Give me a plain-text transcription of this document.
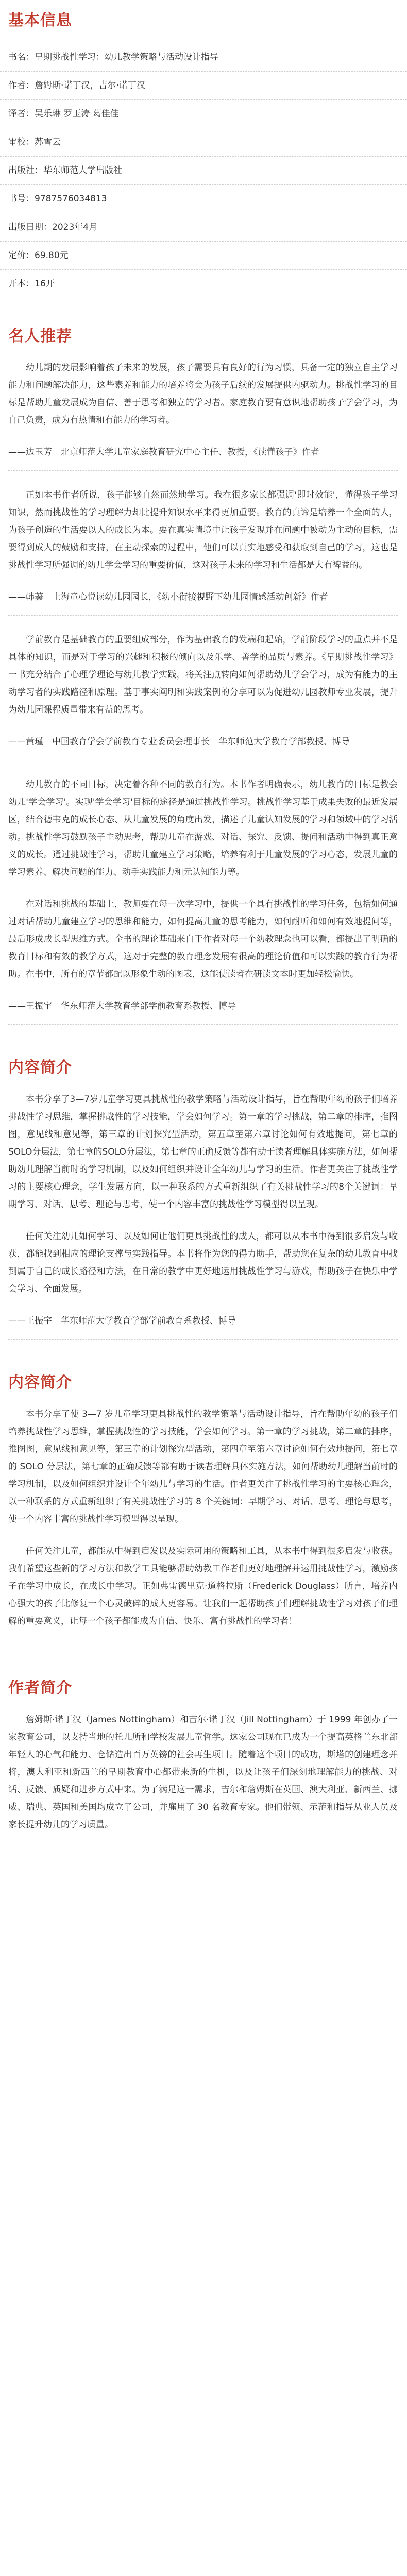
基本信息
书名：早期挑战性学习：幼儿教学策略与活动设计指导
作者：詹姆斯·诺丁汉，吉尔·诺丁汉
译者：吴乐琳 罗玉涛 葛佳佳
审校：苏雪云
出版社：华东师范大学出版社
书号：9787576034813
出版日期：2023年4月
定价：69.80元
开本：16开
名人推荐

幼儿期的发展影响着孩子未来的发展，孩子需要具有良好的行为习惯，具备一定的独立自主学习能力和问题解决能力，这些素养和能力的培养将会为孩子后续的发展提供内驱动力。挑战性学习的目标是帮助儿童发展成为自信、善于思考和独立的学习者。家庭教育要有意识地帮助孩子学会学习，为自己负责，成为有热情和有能力的学习者。

——边玉芳　北京师范大学儿童家庭教育研究中心主任、教授，《读懂孩子》作者

正如本书作者所说，孩子能够自然而然地学习。我在很多家长都强调'即时效能'，懂得孩子学习知识，然而挑战性的学习理解力却比提升知识水平来得更加重要。教育的真谛是培养一个全面的人，为孩子创造的生活要以人的成长为本。要在真实情境中让孩子发现并在问题中被动为主动的目标，需要得到成人的鼓励和支持，在主动探索的过程中，他们可以真实地感受和获取到自己的学习，这也是挑战性学习所强调的幼儿学会学习的重要价值，这对孩子未来的学习和生活都是大有裨益的。

——韩蓁　上海童心悦读幼儿园园长，《幼小衔接视野下幼儿园情感活动创新》作者

学前教育是基础教育的重要组成部分，作为基础教育的发端和起始，学前阶段学习的重点并不是具体的知识，而是对于学习的兴趣和积极的倾向以及乐学、善学的品质与素养。《早期挑战性学习》一书充分结合了心理学理论与幼儿教学实践，将关注点转向如何帮助幼儿学会学习，成为有能力的主动学习者的实践路径和原理。基于事实阐明和实践案例的分享可以为促进幼儿园教师专业发展，提升为幼儿园课程质量带来有益的思考。

——黄瑾　中国教育学会学前教育专业委员会理事长　华东师范大学教育学部教授、博导

幼儿教育的不同目标，决定着各种不同的教育行为。本书作者明确表示，幼儿教育的目标是教会幼儿'学会学习'。实现'学会学习'目标的途径是通过挑战性学习。挑战性学习基于成果失败的最近发展区，结合德韦克的成长心态、从儿童发展的角度出发，描述了儿童认知发展的学习和领域中的学习活动。挑战性学习鼓励孩子主动思考，帮助儿童在游戏、对话、探究、反馈、提问和活动中得到真正意义的成长。通过挑战性学习，帮助儿童建立学习策略，培养有利于儿童发展的学习心态，发展儿童的学习素养、解决问题的能力、动手实践能力和元认知能力等。

在对话和挑战的基础上，教师要在每一次学习中，提供一个具有挑战性的学习任务，包括如何通过对话帮助儿童建立学习的思维和能力，如何提高儿童的思考能力，如何耐听和如何有效地提问等，最后形成成长型思维方式。全书的理论基础来自于作者对每一个幼教理念也可以看，都提出了明确的教育目标和有效的教学方式，这对于完整的教育理念发展有很高的理论价值和可以实践的教育行为帮助。在书中，所有的章节都配以形象生动的图表，这能使读者在研读文本时更加轻松愉快。

——王振宇　华东师范大学教育学部学前教育系教授、博导

内容简介

本书分享了3—7岁儿童学习更具挑战性的教学策略与活动设计指导，旨在帮助年幼的孩子们培养挑战性学习思维，掌握挑战性的学习技能，学会如何学习。第一章的学习挑战，第二章的排序，推图图，意见线和意见等，第三章的计划探究型活动，第五章至第六章讨论如何有效地提问，第七章的SOLO分层法，第七章的SOLO分层法，第七章的正确反馈等都有助于读者理解具体实施方法，如何帮助幼儿理解当前时的学习机制，以及如何组织并设计全年幼儿与学习的生活。作者更关注了挑战性学习的主要核心理念，学生发展方向，以一种联系的方式重新组织了有关挑战性学习的8个关键词：早期学习、对话、思考、理论与思考，使一个内容丰富的挑战性学习模型得以呈现。

任何关注幼儿如何学习、以及如何让他们更具挑战性的成人，都可以从本书中得到很多启发与收获，都能找到相应的理论支撑与实践指导。本书将作为您的得力助手，帮助您在复杂的幼儿教育中找到属于自己的成长路径和方法，在日常的教学中更好地运用挑战性学习与游戏，帮助孩子在快乐中学会学习、全面发展。

——王振宇　华东师范大学教育学部学前教育系教授、博导

内容简介

本书分享了使 3—7 岁儿童学习更具挑战性的教学策略与活动设计指导，旨在帮助年幼的孩子们培养挑战性学习思维，掌握挑战性的学习技能，学会如何学习。第一章的学习挑战，第二章的排序，推图图，意见线和意见等，第三章的计划探究型活动，第四章至第六章讨论如何有效地提问，第七章的 SOLO 分层法，第七章的正确反馈等都有助于读者理解具体实施方法，如何帮助幼儿理解当前时的学习机制，以及如何组织并设计全年幼儿与学习的生活。作者更关注了挑战性学习的主要核心理念，以一种联系的方式重新组织了有关挑战性学习的 8 个关键词：早期学习、对话、思考、理论与思考，使一个内容丰富的挑战性学习模型得以呈现。

任何关注儿童，都能从中得到启发以及实际可用的策略和工具，从本书中得到很多启发与收获。我们希望这些新的学习方法和教学工具能够帮助幼教工作者们更好地理解并运用挑战性学习，激励孩子在学习中成长，在成长中学习。正如弗雷德里克·道格拉斯（Frederick Douglass）所言，培养内心强大的孩子比修复一个心灵破碎的成人更容易。让我们一起帮助孩子们理解挑战性学习对孩子们理解的重要意义，让每一个孩子都能成为自信、快乐、富有挑战性的学习者！

作者简介

詹姆斯·诺丁汉（James Nottingham）和吉尔·诺丁汉（Jill Nottingham）于 1999 年创办了一家教育公司，以支持当地的托儿所和学校发展儿童哲学。这家公司现在已成为一个提高英格兰东北部年轻人的心气和能力、仓储造出百万英镑的社会再生项目。随着这个项目的成功，斯塔的创建理念并将，澳大利亚和新西兰的早期教育中心都带来新的生机，以及让孩子们深刻地理解能力的挑战、对话、反馈、质疑和进步方式中来。为了满足这一需求，吉尔和詹姆斯在英国、澳大利亚、新西兰、挪威、瑞典、英国和美国均成立了公司，并雇用了 30 名教育专家。他们带领、示范和指导从业人员及家长提升幼儿的学习质量。
